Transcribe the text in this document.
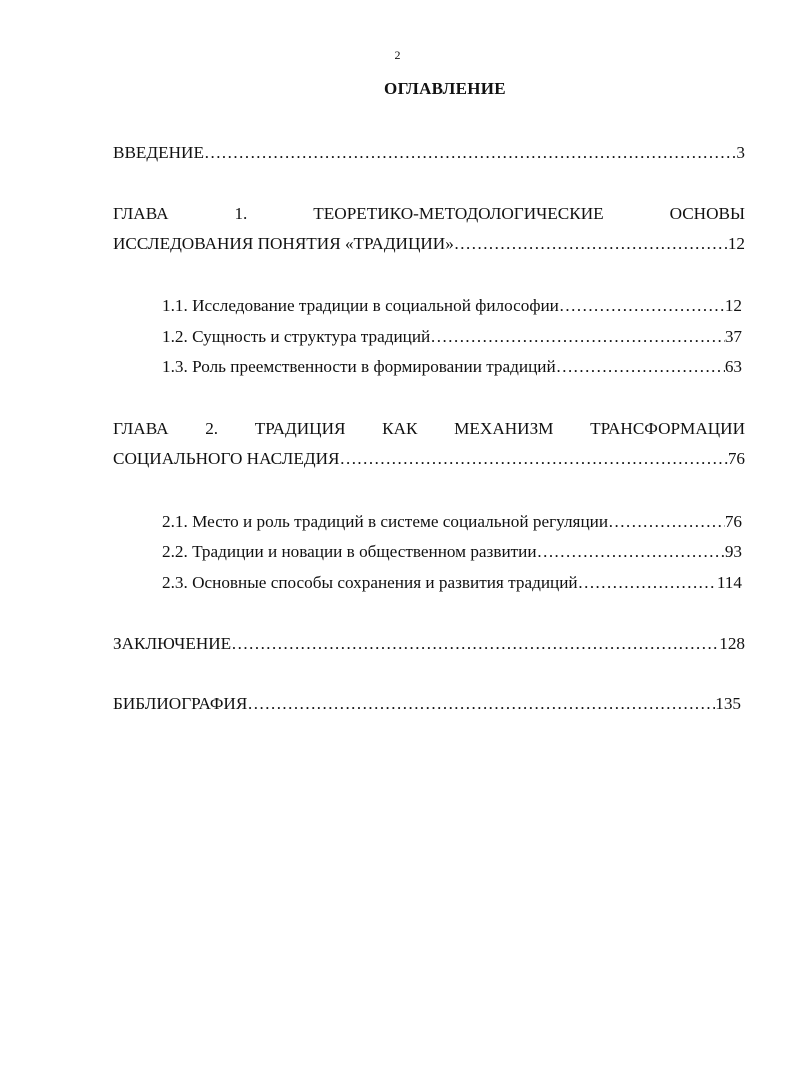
2
ОГЛАВЛЕНИЕ
ВВЕДЕНИЕ ………………………………………………………………………………………………………………………………………………………………………………	3
ГЛАВА	1.	ТЕОРЕТИКО-МЕТОДОЛОГИЧЕСКИЕ	ОСНОВЫ
ИССЛЕДОВАНИЯ ПОНЯТИЯ «ТРАДИЦИИ» ………………………………………………………………………………………………………………………………………………………………………………	12
1.1. Исследование традиции в социальной философии ………………………………………………………………………………………………………………………………………………………………………………	12
1.2. Сущность и структура традиций ………………………………………………………………………………………………………………………………………………………………………………	37
1.3. Роль преемственности в формировании традиций ………………………………………………………………………………………………………………………………………………………………………………	63
ГЛАВА 2. ТРАДИЦИЯ КАК МЕХАНИЗМ ТРАНСФОРМАЦИИ
СОЦИАЛЬНОГО НАСЛЕДИЯ ………………………………………………………………………………………………………………………………………………………………………………	76
2.1. Место и роль традиций в системе социальной регуляции ………………………………………………………………………………………………………………………………………………………………………………	76
2.2. Традиции и новации в общественном развитии ………………………………………………………………………………………………………………………………………………………………………………	93
2.3. Основные способы сохранения и развития традиций ………………………………………………………………………………………………………………………………………………………………………………	114
ЗАКЛЮЧЕНИЕ ………………………………………………………………………………………………………………………………………………………………………………	128
БИБЛИОГРАФИЯ ………………………………………………………………………………………………………………………………………………………………………………	135
